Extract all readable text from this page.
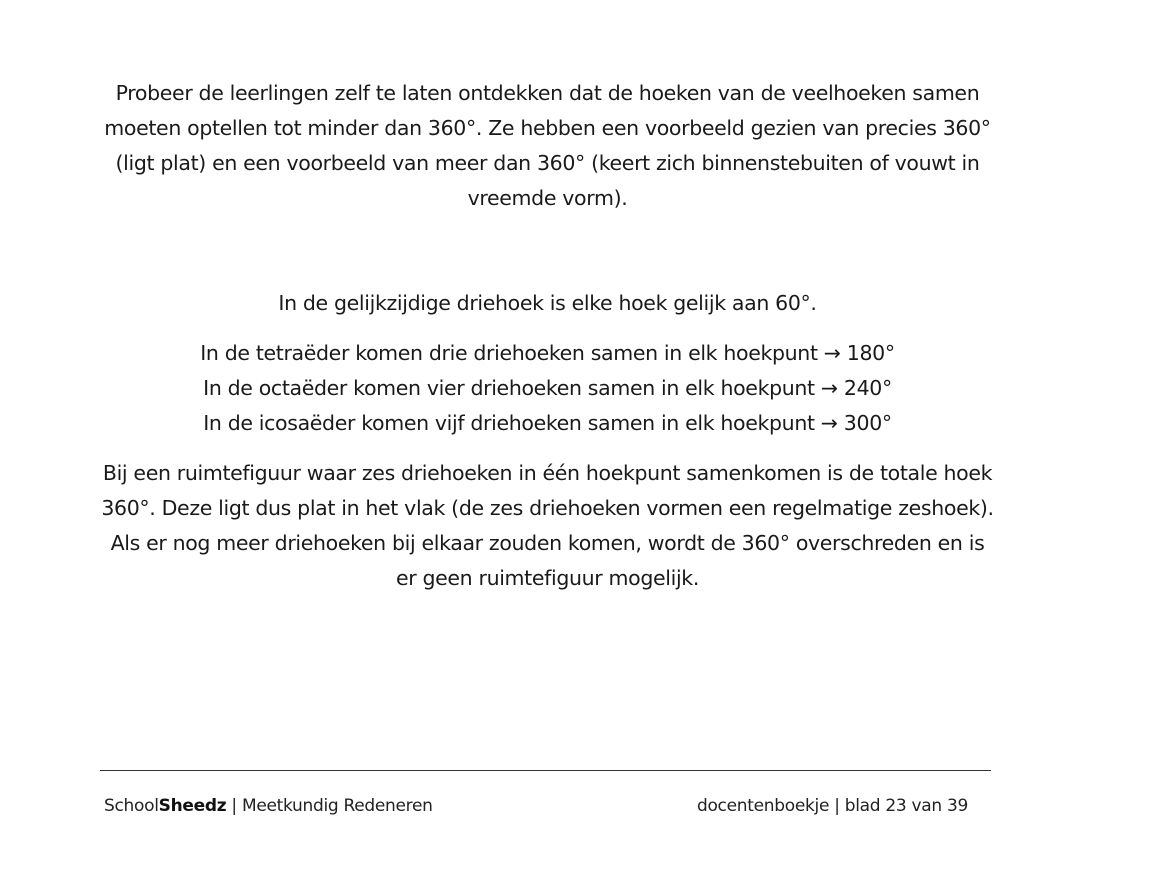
Probeer de leerlingen zelf te laten ontdekken dat de hoeken van de veelhoeken samen moeten optellen tot minder dan 360°. Ze hebben een voorbeeld gezien van precies 360° (ligt plat) en een voorbeeld van meer dan 360° (keert zich binnenstebuiten of vouwt in vreemde vorm).

In de gelijkzijdige driehoek is elke hoek gelijk aan 60°.

In de tetraëder komen drie driehoeken samen in elk hoekpunt → 180°
In de octaëder komen vier driehoeken samen in elk hoekpunt → 240°
In de icosaëder komen vijf driehoeken samen in elk hoekpunt → 300°

Bij een ruimtefiguur waar zes driehoeken in één hoekpunt samenkomen is de totale hoek 360°. Deze ligt dus plat in het vlak (de zes driehoeken vormen een regelmatige zeshoek). Als er nog meer driehoeken bij elkaar zouden komen, wordt de 360° overschreden en is er geen ruimtefiguur mogelijk.

SchoolSheedz | Meetkundig Redeneren	docentenboekje | blad 23 van 39
